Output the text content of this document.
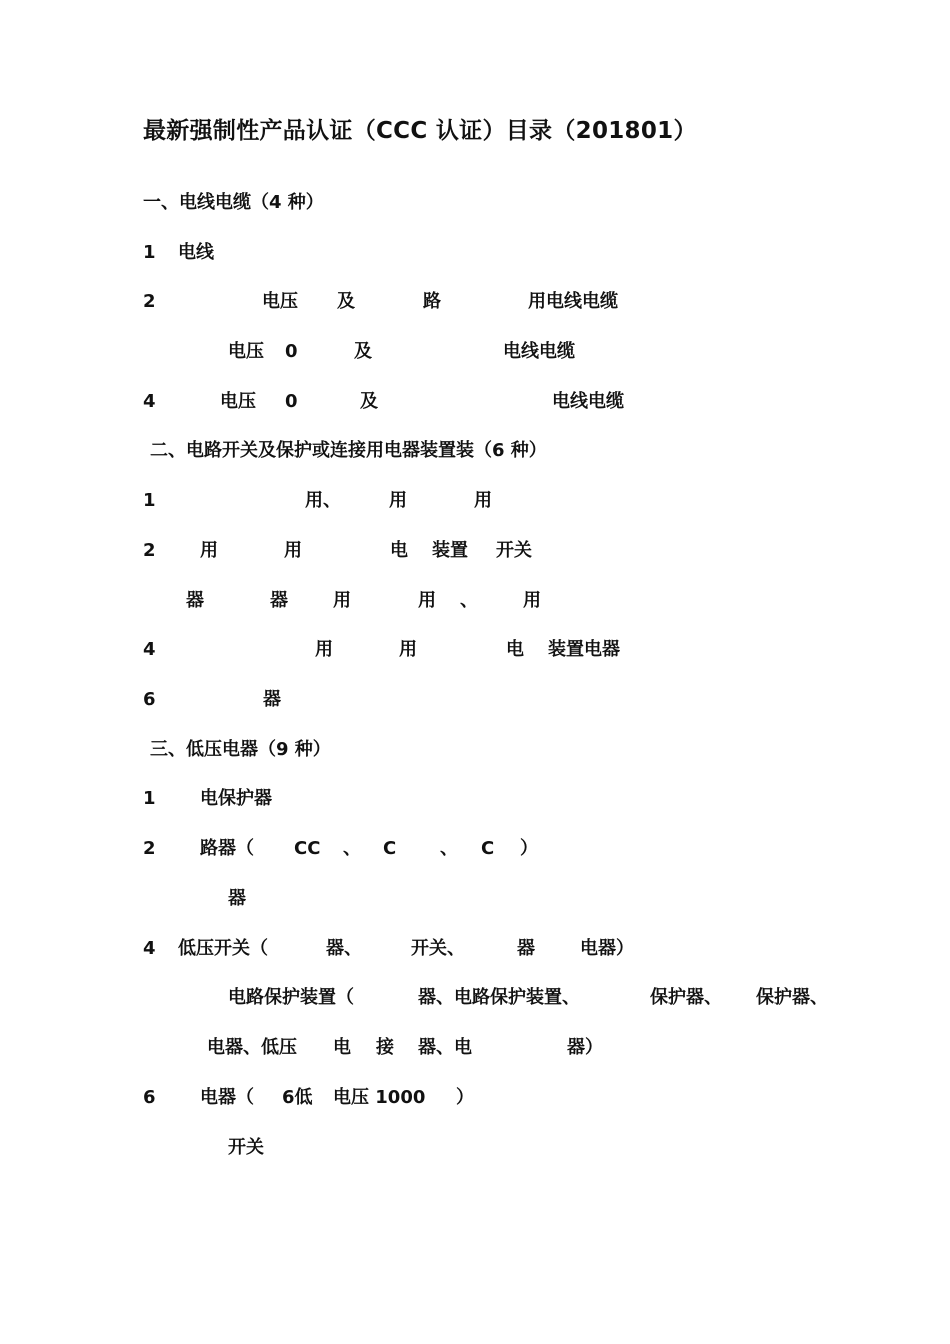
最新强制性产品认证（CCC 认证）目录（201801）
一、电线电缆（4 种）
1 电线
2	电压 及	路	用电线电缆
电压 0	及	电线电缆
4	电压 0	及	电线电缆
二、电路开关及保护或连接用电器装置装（6 种）
1	用、	用	用
2 用	用	电 装置 开关
器	器	用	用 、	用
4	用	用	电 装置电器
6	器
三、低压电器（9 种）
1 电保护器
2 路器（ CC 、 C 、 C ）
器
4 低压开关（	器、	开关、	器	电器）
电路保护装置（	器、电路保护装置、	保护器、 保护器、
电器、低压 电 接 器、电	器）
6 电器（ 6低 电压 1000 ）
开关
